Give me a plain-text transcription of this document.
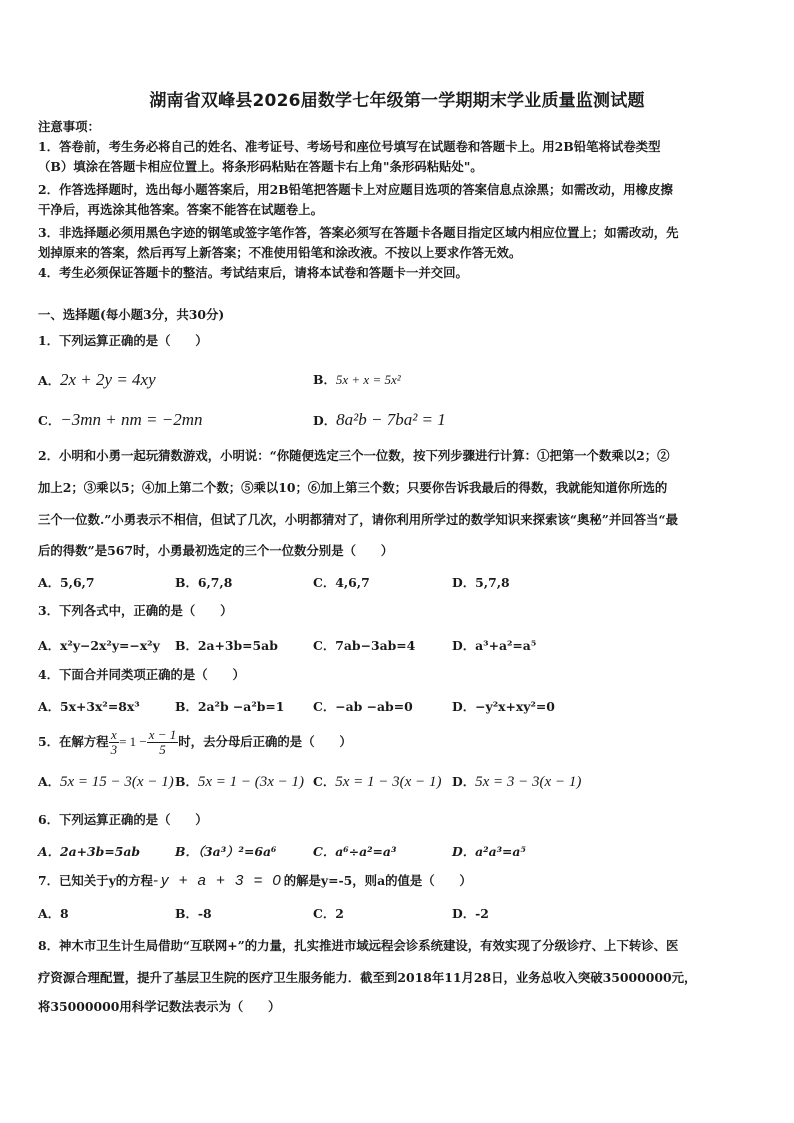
湖南省双峰县2026届数学七年级第一学期期末学业质量监测试题
注意事项：
1．答卷前，考生务必将自己的姓名、准考证号、考场号和座位号填写在试题卷和答题卡上。用2B铅笔将试卷类型
（B）填涂在答题卡相应位置上。将条形码粘贴在答题卡右上角"条形码粘贴处"。
2．作答选择题时，选出每小题答案后，用2B铅笔把答题卡上对应题目选项的答案信息点涂黑；如需改动，用橡皮擦
干净后，再选涂其他答案。答案不能答在试题卷上。
3．非选择题必须用黑色字迹的钢笔或签字笔作答，答案必须写在答题卡各题目指定区域内相应位置上；如需改动，先
划掉原来的答案，然后再写上新答案；不准使用铅笔和涂改液。不按以上要求作答无效。
4．考生必须保证答题卡的整洁。考试结束后，请将本试卷和答题卡一并交回。
一、选择题(每小题3分，共30分)
1．下列运算正确的是（　　）
A．2x + 2y = 4xy	B．5x + x = 5x²
C．−3mn + nm = −2mn	D．8a²b − 7ba² = 1
2．小明和小勇一起玩猜数游戏，小明说：“你随便选定三个一位数，按下列步骤进行计算：①把第一个数乘以2；②
加上2；③乘以5；④加上第二个数；⑤乘以10；⑥加上第三个数；只要你告诉我最后的得数，我就能知道你所选的
三个一位数.”小勇表示不相信，但试了几次，小明都猜对了，请你利用所学过的数学知识来探索该“奥秘”并回答当“最
后的得数”是567时，小勇最初选定的三个一位数分别是（　　）
A．5,6,7	B．6,7,8	C．4,6,7	D．5,7,8
3．下列各式中，正确的是（　　）
A．x²y−2x²y=−x²y B．2a+3b=5ab	C．7ab−3ab=4	D．a³+a²=a⁵
4．下面合并同类项正确的是（　　）
A．5x+3x²=8x³	B．2a²b −a²b=1 C．−ab −ab=0	D．−y²x+xy²=0
5．在解方程 $\frac{x}{3} = 1 - \frac{x - 1}{5}$ 时，去分母后正确的是（　　）
A．5x = 15 − 3(x − 1) B．5x = 1 − (3x − 1) C．5x = 1 − 3(x − 1) D．5x = 3 − 3(x − 1)
6．下列运算正确的是（　　）
A．2a+3b=5ab	B．（3a³）²=6a⁶	C．a⁶÷a²=a³	D．a²a³=a⁵
7．已知关于y的方程-y + a + 3 = 0的解是y=-5，则a的值是（　　）
A．8	B．-8	C．2	D．-2
8．神木市卫生计生局借助“互联网+”的力量，扎实推进市域远程会诊系统建设，有效实现了分级诊疗、上下转诊、医
疗资源合理配置，提升了基层卫生院的医疗卫生服务能力．截至到2018年11月28日，业务总收入突破35000000元，
将35000000用科学记数法表示为（　　）
